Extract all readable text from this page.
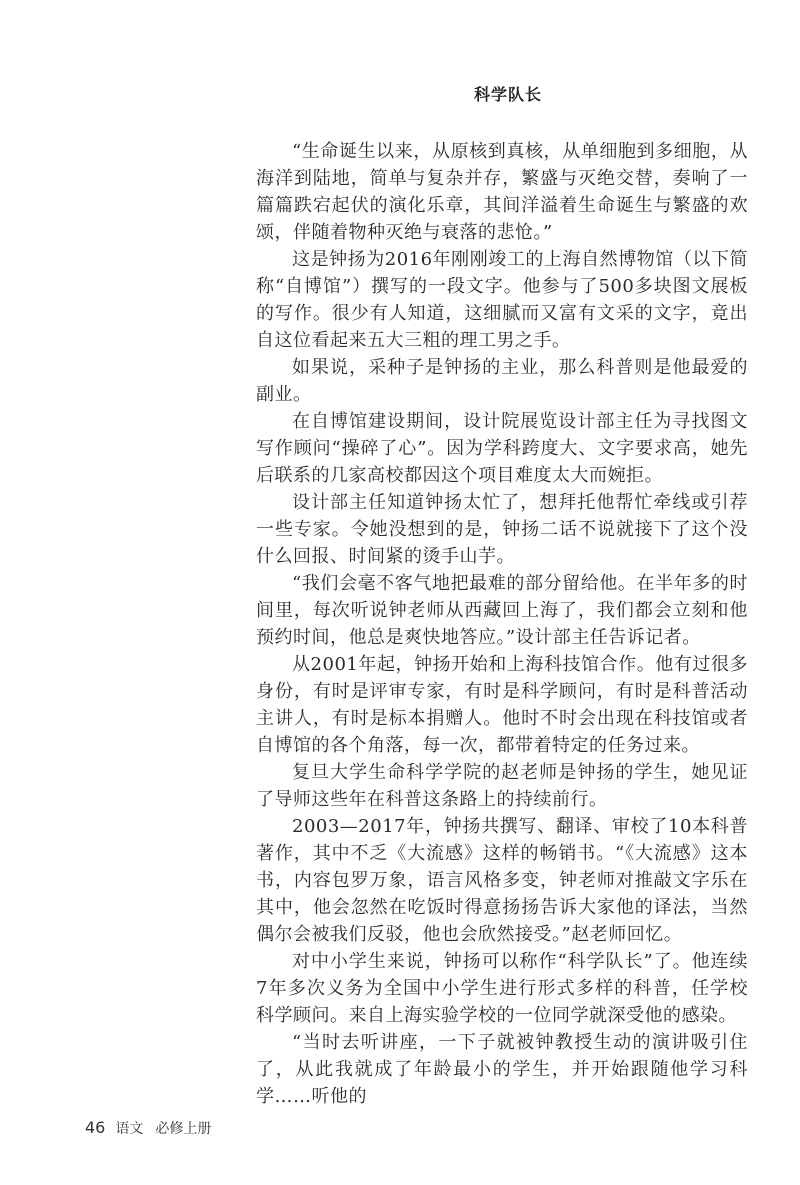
科学队长

“生命诞生以来，从原核到真核，从单细胞到多细胞，从海洋到陆地，简单与复杂并存，繁盛与灭绝交替，奏响了一篇篇跌宕起伏的演化乐章，其间洋溢着生命诞生与繁盛的欢颂，伴随着物种灭绝与衰落的悲怆。”

这是钟扬为2016年刚刚竣工的上海自然博物馆（以下简称“自博馆”）撰写的一段文字。他参与了500多块图文展板的写作。很少有人知道，这细腻而又富有文采的文字，竟出自这位看起来五大三粗的理工男之手。

如果说，采种子是钟扬的主业，那么科普则是他最爱的副业。

在自博馆建设期间，设计院展览设计部主任为寻找图文写作顾问“操碎了心”。因为学科跨度大、文字要求高，她先后联系的几家高校都因这个项目难度太大而婉拒。

设计部主任知道钟扬太忙了，想拜托他帮忙牵线或引荐一些专家。令她没想到的是，钟扬二话不说就接下了这个没什么回报、时间紧的烫手山芋。

“我们会毫不客气地把最难的部分留给他。在半年多的时间里，每次听说钟老师从西藏回上海了，我们都会立刻和他预约时间，他总是爽快地答应。”设计部主任告诉记者。

从2001年起，钟扬开始和上海科技馆合作。他有过很多身份，有时是评审专家，有时是科学顾问，有时是科普活动主讲人，有时是标本捐赠人。他时不时会出现在科技馆或者自博馆的各个角落，每一次，都带着特定的任务过来。

复旦大学生命科学学院的赵老师是钟扬的学生，她见证了导师这些年在科普这条路上的持续前行。

2003—2017年，钟扬共撰写、翻译、审校了10本科普著作，其中不乏《大流感》这样的畅销书。“《大流感》这本书，内容包罗万象，语言风格多变，钟老师对推敲文字乐在其中，他会忽然在吃饭时得意扬扬告诉大家他的译法，当然偶尔会被我们反驳，他也会欣然接受。”赵老师回忆。

对中小学生来说，钟扬可以称作“科学队长”了。他连续7年多次义务为全国中小学生进行形式多样的科普，任学校科学顾问。来自上海实验学校的一位同学就深受他的感染。

“当时去听讲座，一下子就被钟教授生动的演讲吸引住了，从此我就成了年龄最小的学生，并开始跟随他学习科学……听他的

46 语文 必修上册
